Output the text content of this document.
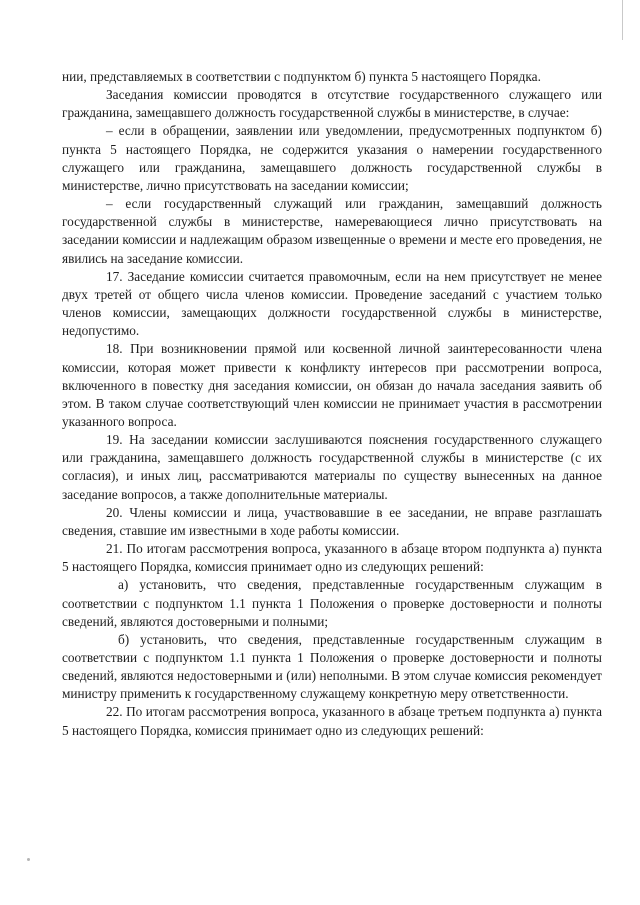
нии, представляемых в соответствии с подпунктом б) пункта 5 настоящего Порядка.

Заседания комиссии проводятся в отсутствие государственного служащего или гражданина, замещавшего должность государственной службы в министерстве, в случае:

– если в обращении, заявлении или уведомлении, предусмотренных подпунктом б) пункта 5 настоящего Порядка, не содержится указания о намерении государственного служащего или гражданина, замещавшего должность государственной службы в министерстве, лично присутствовать на заседании комиссии;

– если государственный служащий или гражданин, замещавший должность государственной службы в министерстве, намеревающиеся лично присутствовать на заседании комиссии и надлежащим образом извещенные о времени и месте его проведения, не явились на заседание комиссии.

17. Заседание комиссии считается правомочным, если на нем присутствует не менее двух третей от общего числа членов комиссии. Проведение заседаний с участием только членов комиссии, замещающих должности государственной службы в министерстве, недопустимо.

18. При возникновении прямой или косвенной личной заинтересованности члена комиссии, которая может привести к конфликту интересов при рассмотрении вопроса, включенного в повестку дня заседания комиссии, он обязан до начала заседания заявить об этом. В таком случае соответствующий член комиссии не принимает участия в рассмотрении указанного вопроса.

19. На заседании комиссии заслушиваются пояснения государственного служащего или гражданина, замещавшего должность государственной службы в министерстве (с их согласия), и иных лиц, рассматриваются материалы по существу вынесенных на данное заседание вопросов, а также дополнительные материалы.

20. Члены комиссии и лица, участвовавшие в ее заседании, не вправе разглашать сведения, ставшие им известными в ходе работы комиссии.

21. По итогам рассмотрения вопроса, указанного в абзаце втором подпункта а) пункта 5 настоящего Порядка, комиссия принимает одно из следующих решений:

а) установить, что сведения, представленные государственным служащим в соответствии с подпунктом 1.1 пункта 1 Положения о проверке достоверности и полноты сведений, являются достоверными и полными;

б) установить, что сведения, представленные государственным служащим в соответствии с подпунктом 1.1 пункта 1 Положения о проверке достоверности и полноты сведений, являются недостоверными и (или) неполными. В этом случае комиссия рекомендует министру применить к государственному служащему конкретную меру ответственности.

22. По итогам рассмотрения вопроса, указанного в абзаце третьем подпункта а) пункта 5 настоящего Порядка, комиссия принимает одно из следующих решений:
